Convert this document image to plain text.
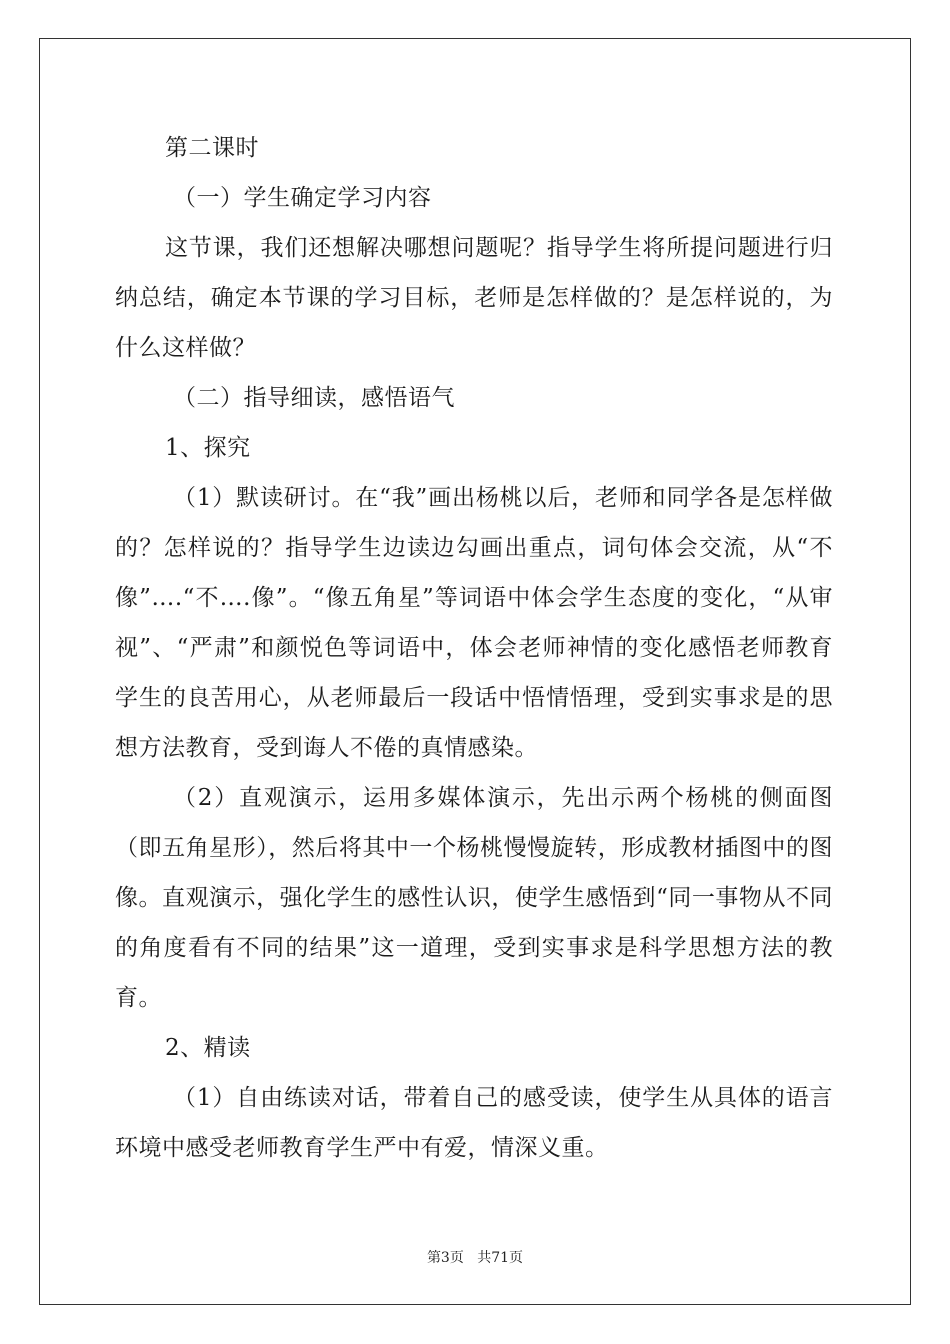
第二课时

（一）学生确定学习内容

这节课，我们还想解决哪想问题呢？指导学生将所提问题进行归纳总结，确定本节课的学习目标，老师是怎样做的？是怎样说的，为什么这样做？

（二）指导细读，感悟语气

1、探究

（1）默读研讨。在“我”画出杨桃以后，老师和同学各是怎样做的？怎样说的？指导学生边读边勾画出重点，词句体会交流，从“不像”….“不….像”。“像五角星”等词语中体会学生态度的变化，“从审视”、“严肃”和颜悦色等词语中，体会老师神情的变化感悟老师教育学生的良苦用心，从老师最后一段话中悟情悟理，受到实事求是的思想方法教育，受到诲人不倦的真情感染。

（2）直观演示，运用多媒体演示，先出示两个杨桃的侧面图（即五角星形），然后将其中一个杨桃慢慢旋转，形成教材插图中的图像。直观演示，强化学生的感性认识，使学生感悟到“同一事物从不同的角度看有不同的结果”这一道理，受到实事求是科学思想方法的教育。

2、精读

（1）自由练读对话，带着自己的感受读，使学生从具体的语言环境中感受老师教育学生严中有爱，情深义重。

第3页 共71页
